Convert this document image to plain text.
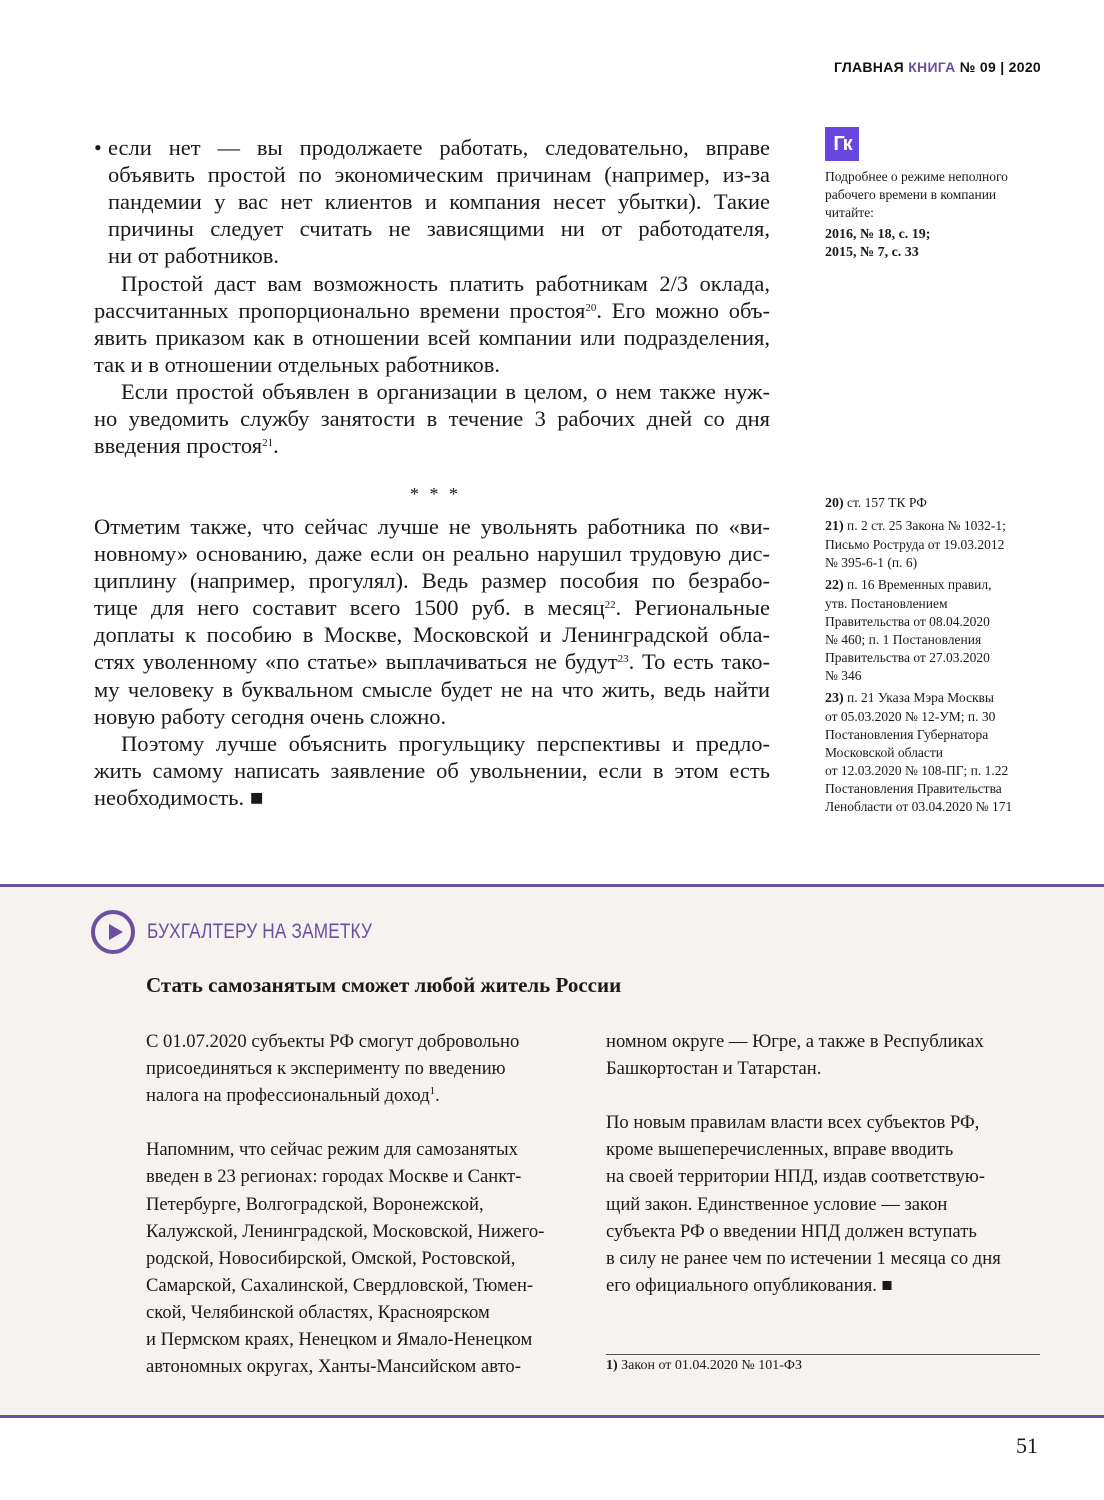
ГЛАВНАЯ КНИГА № 09 | 2020
• если нет — вы продолжаете работать, следовательно, вправе
объявить простой по экономическим причинам (например, из-за
пандемии у вас нет клиентов и компания несет убытки). Такие
причины следует считать не зависящими ни от работодателя,
ни от работников.
Простой даст вам возможность платить работникам 2/3 оклада,
рассчитанных пропорционально времени простоя$^{20}$. Его можно объ-
явить приказом как в отношении всей компании или подразделения,
так и в отношении отдельных работников.
Если простой объявлен в организации в целом, о нем также нуж-
но уведомить службу занятости в течение 3 рабочих дней со дня
введения простоя$^{21}$.
* * *
Отметим также, что сейчас лучше не увольнять работника по «ви-
новному» основанию, даже если он реально нарушил трудовую дис-
циплину (например, прогулял). Ведь размер пособия по безрабо-
тице для него составит всего 1500 руб. в месяц$^{22}$. Региональные
доплаты к пособию в Москве, Московской и Ленинградской обла-
стях уволенному «по статье» выплачиваться не будут$^{23}$. То есть тако-
му человеку в буквальном смысле будет не на что жить, ведь найти
новую работу сегодня очень сложно.
Поэтому лучше объяснить прогульщику перспективы и предло-
жить самому написать заявление об увольнении, если в этом есть
необходимость. ■
Гк
Подробнее о режиме неполного
рабочего времени в компании
читайте:
2016, № 18, с. 19;
2015, № 7, с. 33
20) ст. 157 ТК РФ
21) п. 2 ст. 25 Закона № 1032-1;
Письмо Роструда от 19.03.2012
№ 395-6-1 (п. 6)
22) п. 16 Временных правил,
утв. Постановлением
Правительства от 08.04.2020
№ 460; п. 1 Постановления
Правительства от 27.03.2020
№ 346
23) п. 21 Указа Мэра Москвы
от 05.03.2020 № 12-УМ; п. 30
Постановления Губернатора
Московской области
от 12.03.2020 № 108-ПГ; п. 1.22
Постановления Правительства
Ленобласти от 03.04.2020 № 171
БУХГАЛТЕРУ НА ЗАМЕТКУ
Стать самозанятым сможет любой житель России
С 01.07.2020 субъекты РФ смогут добровольно
присоединяться к эксперименту по введению
налога на профессиональный доход$^1$.
Напомним, что сейчас режим для самозанятых
введен в 23 регионах: городах Москве и Санкт-
Петербурге, Волгоградской, Воронежской,
Калужской, Ленинградской, Московской, Нижего-
родской, Новосибирской, Омской, Ростовской,
Самарской, Сахалинской, Свердловской, Тюмен-
ской, Челябинской областях, Красноярском
и Пермском краях, Ненецком и Ямало-Ненецком
автономных округах, Ханты-Мансийском авто-
номном округе — Югре, а также в Республиках
Башкортостан и Татарстан.
По новым правилам власти всех субъектов РФ,
кроме вышеперечисленных, вправе вводить
на своей территории НПД, издав соответствую-
щий закон. Единственное условие — закон
субъекта РФ о введении НПД должен вступать
в силу не ранее чем по истечении 1 месяца со дня
его официального опубликования. ■
1) Закон от 01.04.2020 № 101-ФЗ
51
